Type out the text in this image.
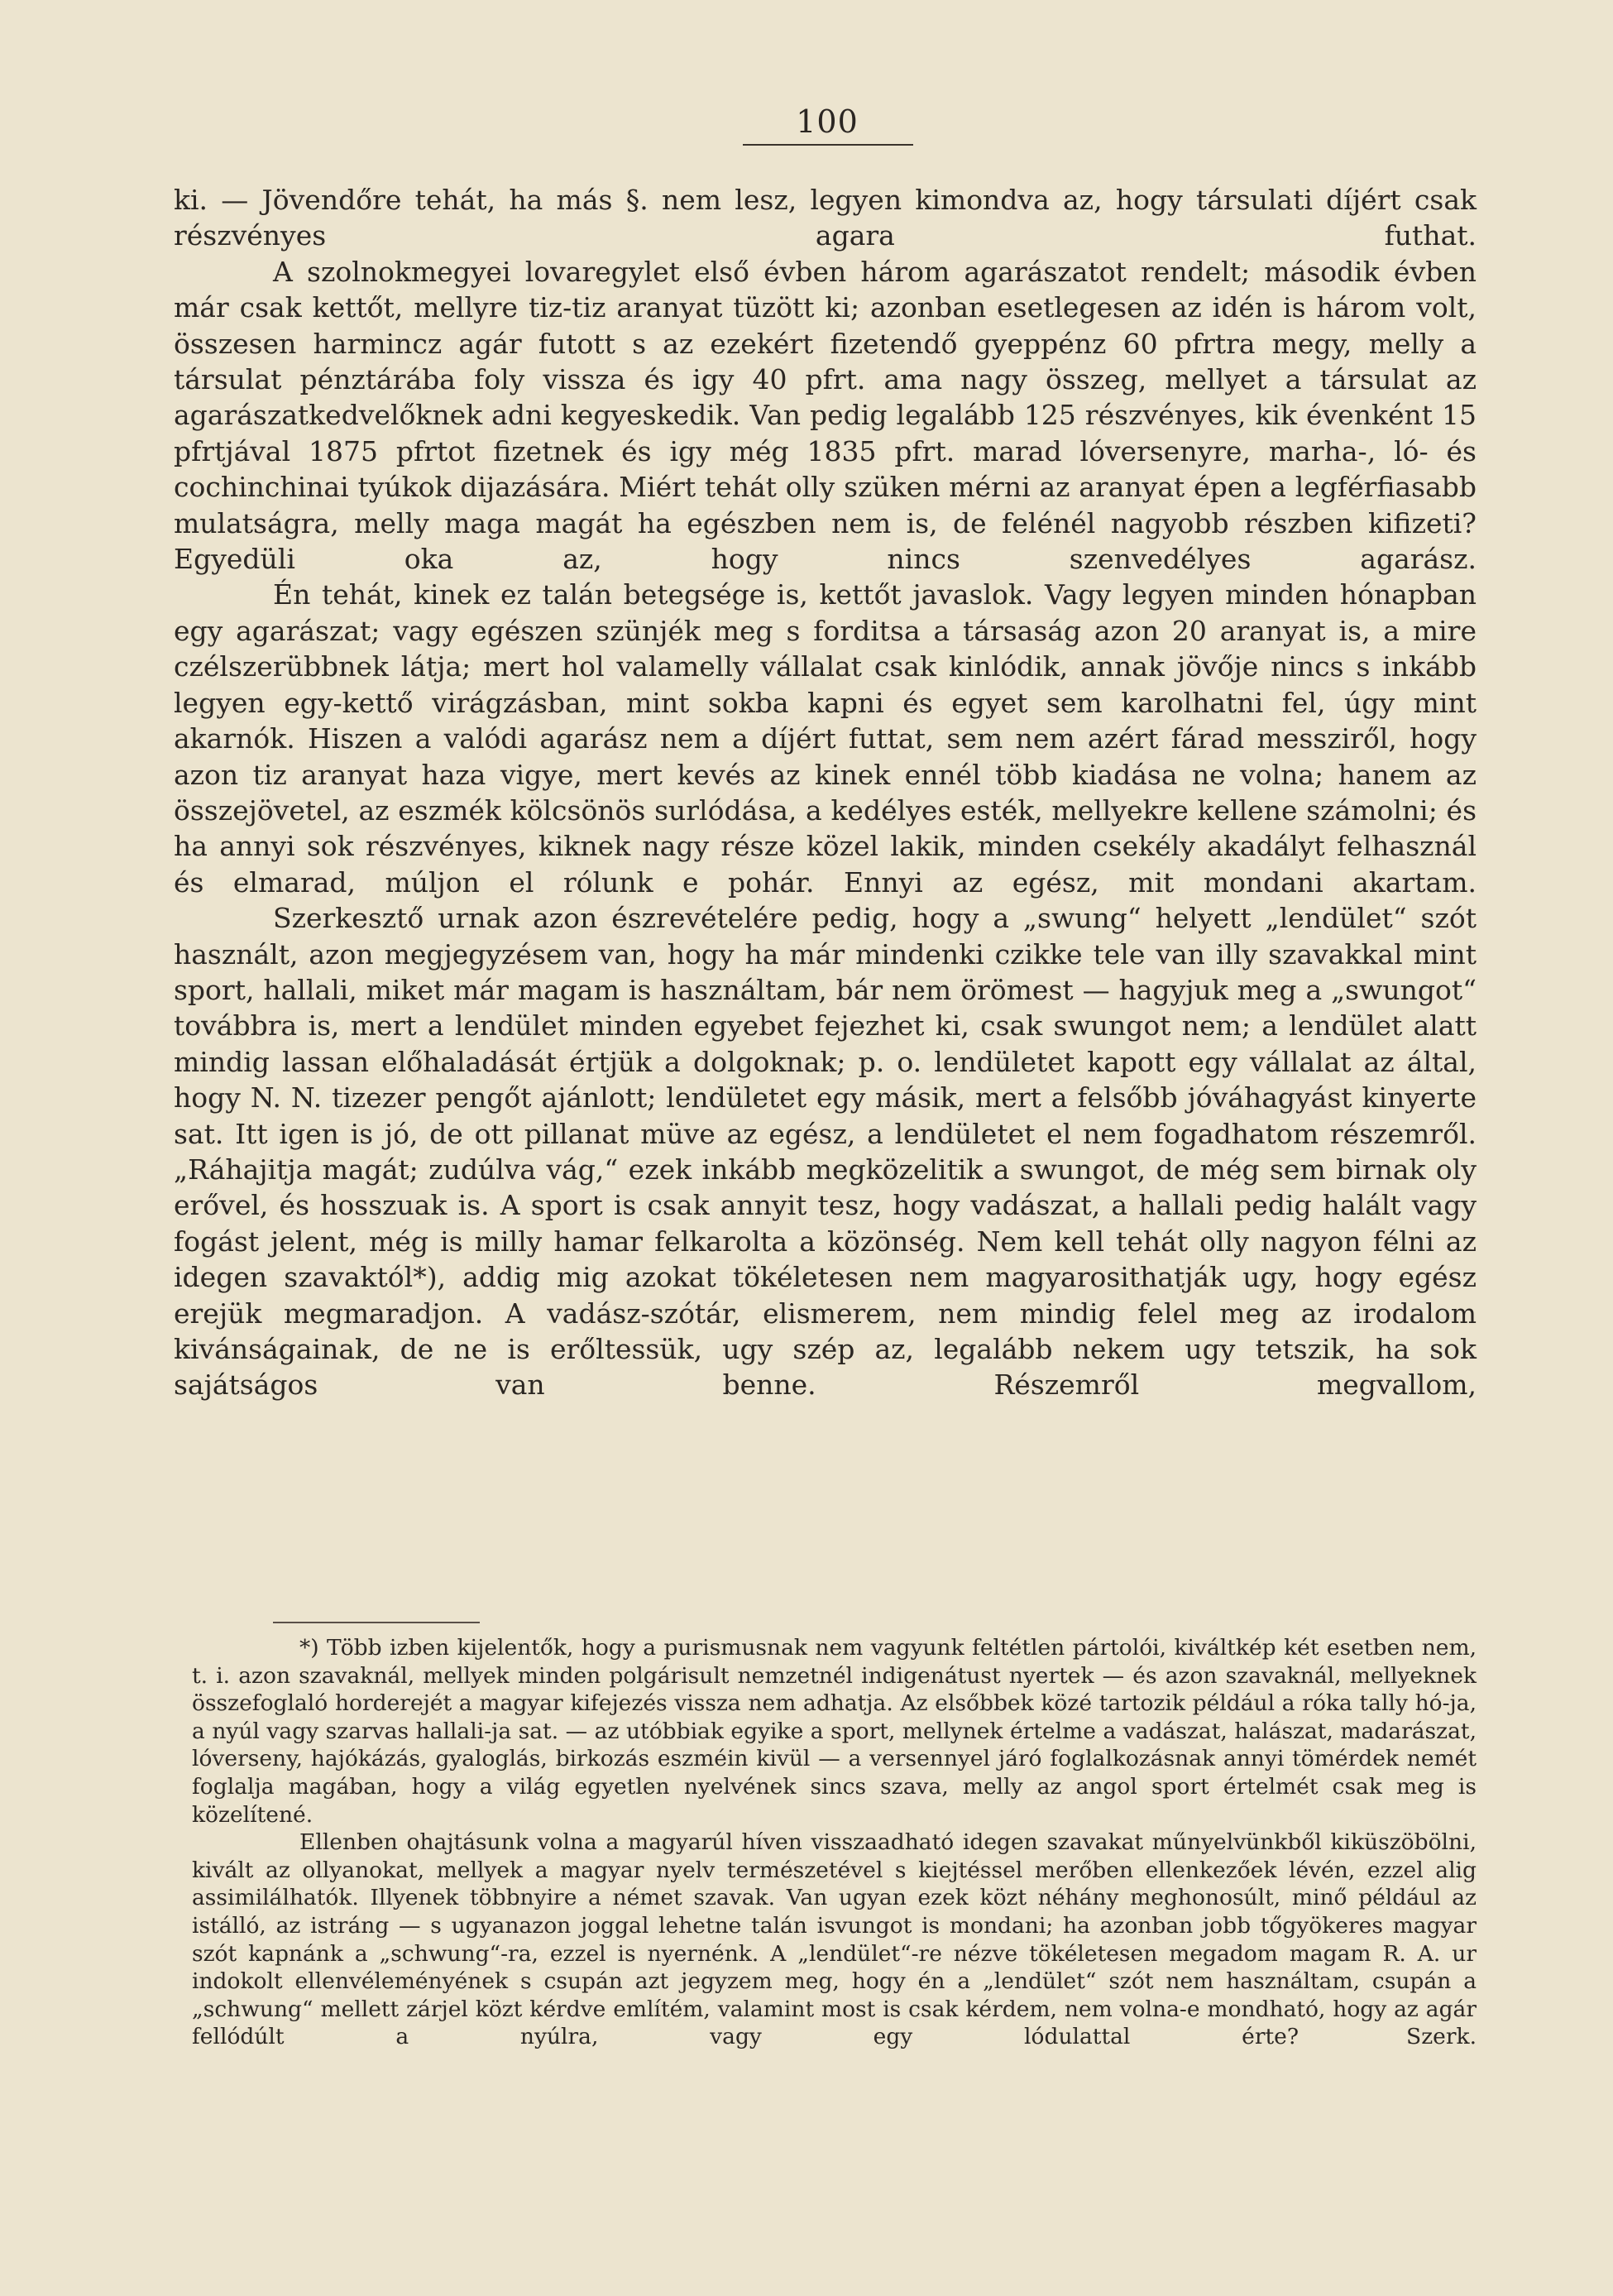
100

ki. — Jövendőre tehát, ha más §. nem lesz, legyen kimondva az, hogy társulati díjért csak részvényes agara futhat.

A szolnokmegyei lovaregylet első évben három agarászatot rendelt; második évben már csak kettőt, mellyre tiz-tiz aranyat tüzött ki; azonban esetlegesen az idén is három volt, összesen harmincz agár futott s az ezekért fizetendő gyeppénz 60 pfrtra megy, melly a társulat pénztárába foly vissza és igy 40 pfrt. ama nagy összeg, mellyet a társulat az agarászatkedvelőknek adni kegyeskedik. Van pedig legalább 125 részvényes, kik évenként 15 pfrtjával 1875 pfrtot fizetnek és igy még 1835 pfrt. marad lóversenyre, marha-, ló- és cochinchinai tyúkok dijazására. Miért tehát olly szüken mérni az aranyat épen a legférfiasabb mulatságra, melly maga magát ha egészben nem is, de felénél nagyobb részben kifizeti? Egyedüli oka az, hogy nincs szenvedélyes agarász.

Én tehát, kinek ez talán betegsége is, kettőt javaslok. Vagy legyen minden hónapban egy agarászat; vagy egészen szünjék meg s forditsa a társaság azon 20 aranyat is, a mire czélszerübbnek látja; mert hol valamelly vállalat csak kinlódik, annak jövője nincs s inkább legyen egy-kettő virágzásban, mint sokba kapni és egyet sem karolhatni fel, úgy mint akarnók. Hiszen a valódi agarász nem a díjért futtat, sem nem azért fárad messziről, hogy azon tiz aranyat haza vigye, mert kevés az kinek ennél több kiadása ne volna; hanem az összejövetel, az eszmék kölcsönös surlódása, a kedélyes esték, mellyekre kellene számolni; és ha annyi sok részvényes, kiknek nagy része közel lakik, minden csekély akadályt felhasznál és elmarad, múljon el rólunk e pohár. Ennyi az egész, mit mondani akartam.

Szerkesztő urnak azon észrevételére pedig, hogy a „swung“ helyett „lendület“ szót használt, azon megjegyzésem van, hogy ha már mindenki czikke tele van illy szavakkal mint sport, hallali, miket már magam is használtam, bár nem örömest — hagyjuk meg a „swungot“ továbbra is, mert a lendület minden egyebet fejezhet ki, csak swungot nem; a lendület alatt mindig lassan előhaladását értjük a dolgoknak; p. o. lendületet kapott egy vállalat az által, hogy N. N. tizezer pengőt ajánlott; lendületet egy másik, mert a felsőbb jóváhagyást kinyerte sat. Itt igen is jó, de ott pillanat müve az egész, a lendületet el nem fogadhatom részemről. „Ráhajitja magát; zudúlva vág,“ ezek inkább megközelitik a swungot, de még sem birnak oly erővel, és hosszuak is. A sport is csak annyit tesz, hogy vadászat, a hallali pedig halált vagy fogást jelent, még is milly hamar felkarolta a közönség. Nem kell tehát olly nagyon félni az idegen szavaktól*), addig mig azokat tökéletesen nem magyarosithatják ugy, hogy egész erejük megmaradjon. A vadász-szótár, elismerem, nem mindig felel meg az irodalom kivánságainak, de ne is erőltessük, ugy szép az, legalább nekem ugy tetszik, ha sok sajátságos van benne. Részemről megvallom,

*) Több izben kijelentők, hogy a purismusnak nem vagyunk feltétlen pártolói, kiváltkép két esetben nem, t. i. azon szavaknál, mellyek minden polgárisult nemzetnél indigenátust nyertek — és azon szavaknál, mellyeknek összefoglaló horderejét a magyar kifejezés vissza nem adhatja. Az elsőbbek közé tartozik például a róka tally hó-ja, a nyúl vagy szarvas hallali-ja sat. — az utóbbiak egyike a sport, mellynek értelme a vadászat, halászat, madarászat, lóverseny, hajókázás, gyaloglás, birkozás eszméin kivül — a versennyel járó foglalkozásnak annyi tömérdek nemét foglalja magában, hogy a világ egyetlen nyelvének sincs szava, melly az angol sport értelmét csak meg is közelítené.

Ellenben ohajtásunk volna a magyarúl híven visszaadható idegen szavakat műnyelvünkből kiküszöbölni, kivált az ollyanokat, mellyek a magyar nyelv természetével s kiejtéssel merőben ellenkezőek lévén, ezzel alig assimilálhatók. Illyenek többnyire a német szavak. Van ugyan ezek közt néhány meghonosúlt, minő például az istálló, az istráng — s ugyanazon joggal lehetne talán isvungot is mondani; ha azonban jobb tőgyökeres magyar szót kapnánk a „schwung“-ra, ezzel is nyernénk. A „lendület“-re nézve tökéletesen megadom magam R. A. ur indokolt ellenvéleményének s csupán azt jegyzem meg, hogy én a „lendület“ szót nem használtam, csupán a „schwung“ mellett zárjel közt kérdve említém, valamint most is csak kérdem, nem volna-e mondható, hogy az agár fellódúlt a nyúlra, vagy egy lódulattal érte?	Szerk.
